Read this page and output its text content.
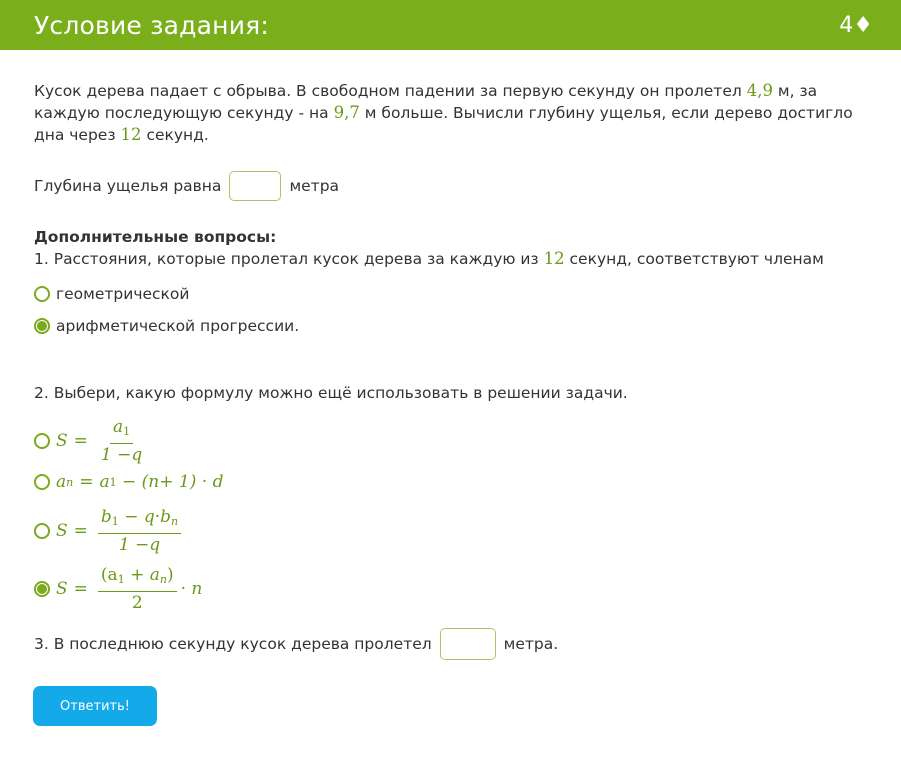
Условие задания:	4♦

Кусок дерева падает с обрыва. В свободном падении за первую секунду он пролетел 4,9 м, за каждую последующую секунду - на 9,7 м больше. Вычисли глубину ущелья, если дерево достигло дна через 12 секунд.

Глубина ущелья равна	метра
Дополнительные вопросы:
1. Расстояния, которые пролетал кусок дерева за каждую из 12 секунд, соответствуют членам
геометрической
арифметической прогрессии.
2. Выбери, какую формулу можно ещё использовать в решении задачи.
$S = \frac{a_1}{1 -q}$
a n = a 1 − (n+ 1) · d
$S = \frac{b_1 - q\cdot b_n}{1 -q}$
$S = \frac{(a_1 + a_n)}{2} \cdot n$
3. В последнюю секунду кусок дерева пролетел	метра.
Ответить!
